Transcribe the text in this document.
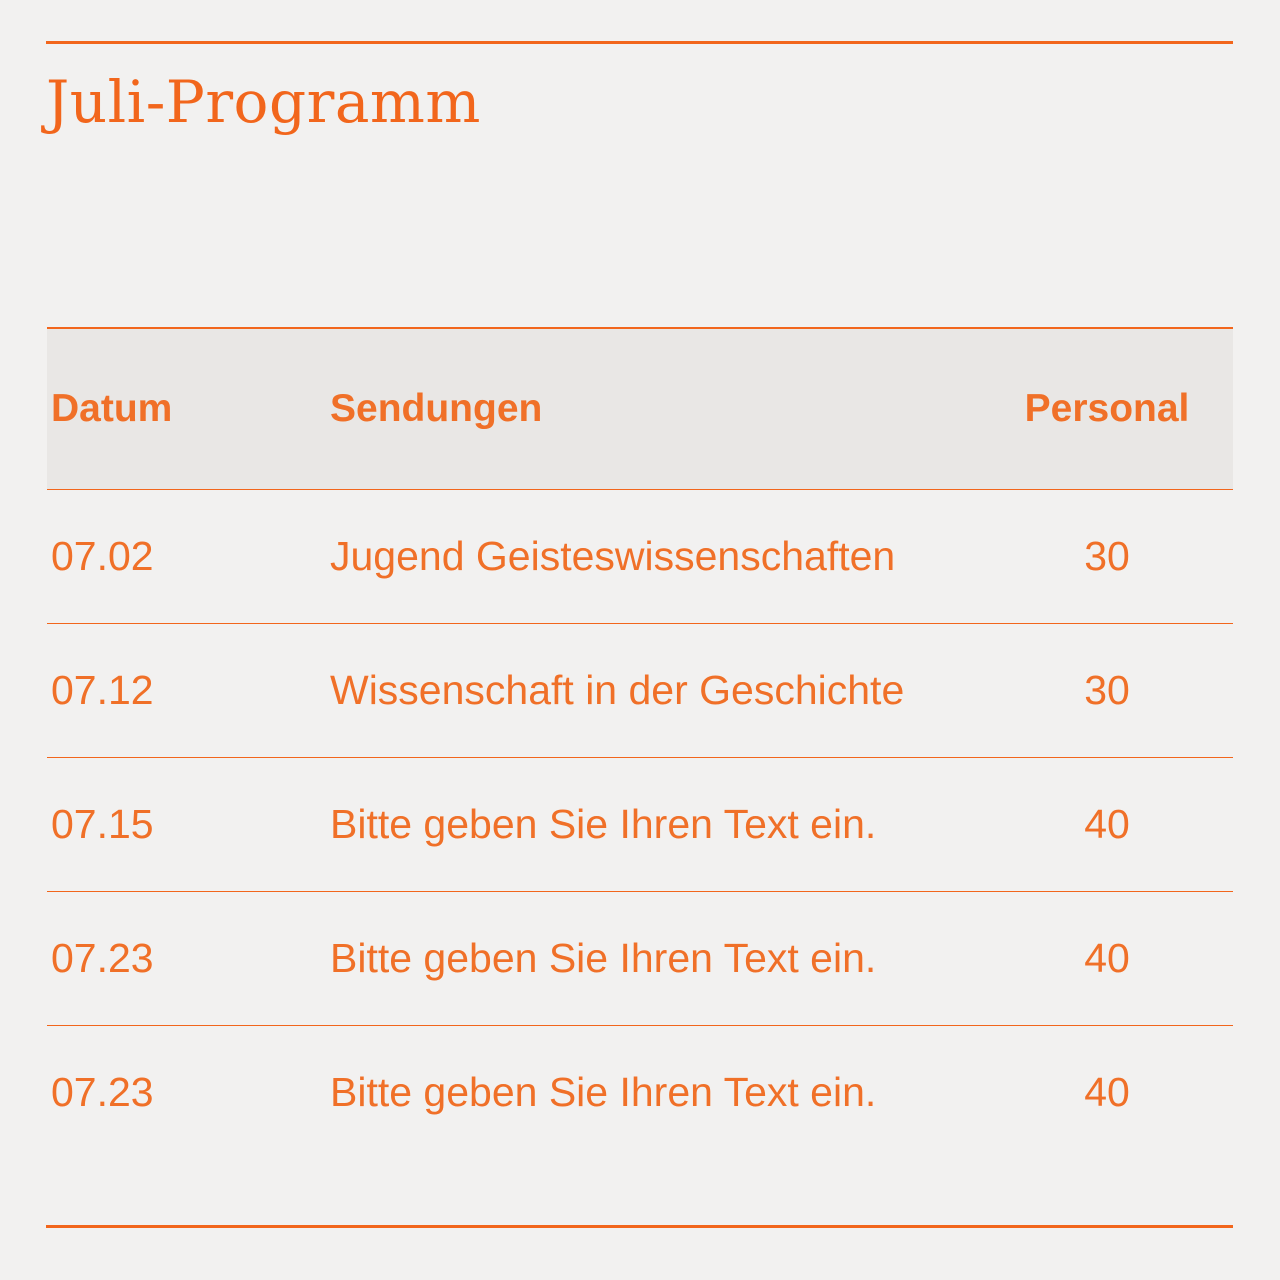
Juli-Programm
Datum	Sendungen	Personal
07.02	Jugend Geisteswissenschaften	30
07.12	Wissenschaft in der Geschichte	30
07.15	Bitte geben Sie Ihren Text ein.	40
07.23	Bitte geben Sie Ihren Text ein.	40
07.23	Bitte geben Sie Ihren Text ein.	40
